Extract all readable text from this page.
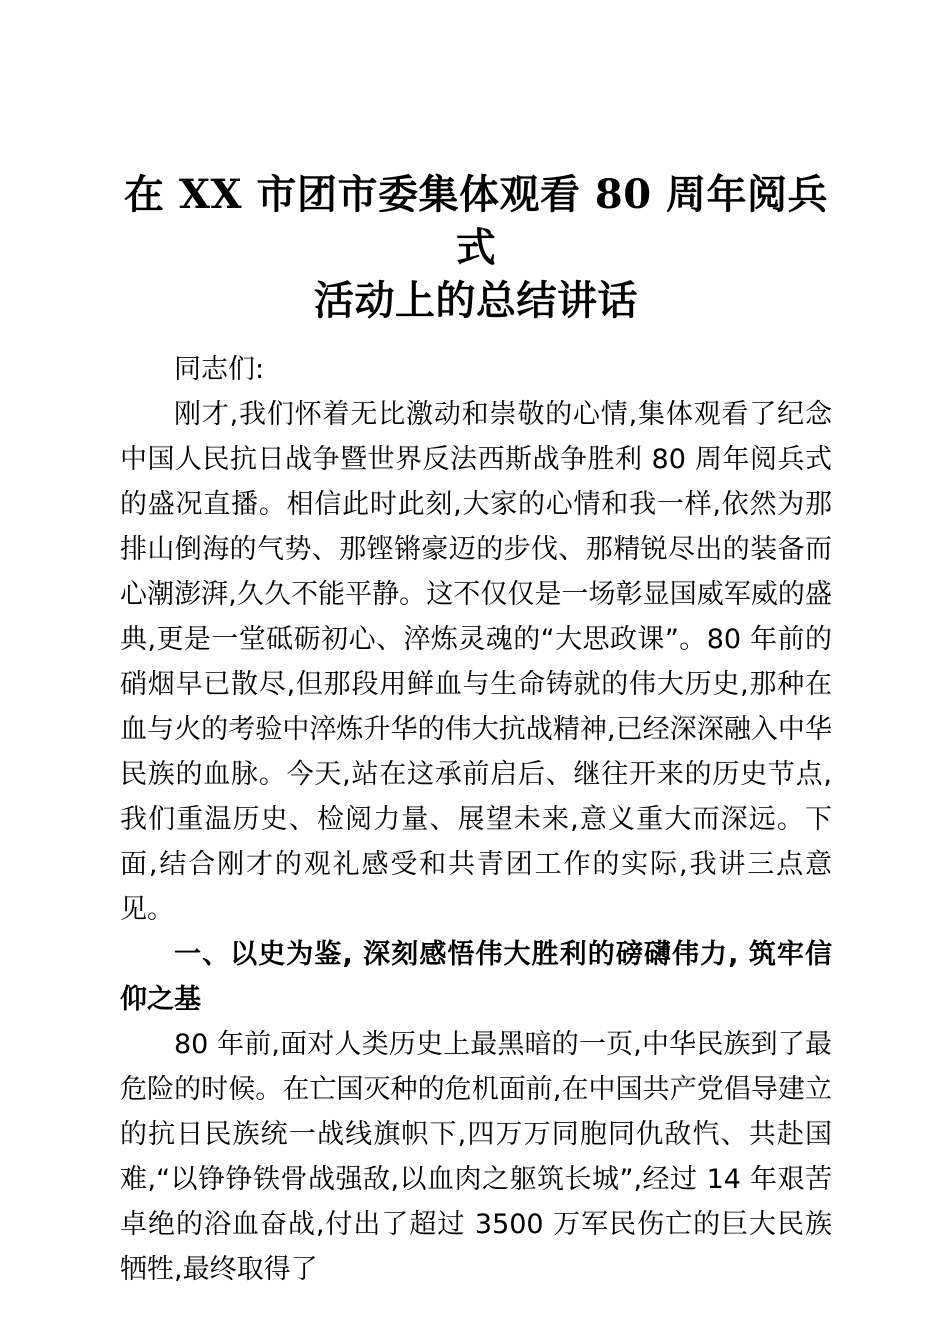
在 XX 市团市委集体观看 80 周年阅兵式
活动上的总结讲话

同志们:

刚才,我们怀着无比激动和崇敬的心情,集体观看了纪念中国人民抗日战争暨世界反法西斯战争胜利 80 周年阅兵式的盛况直播。相信此时此刻,大家的心情和我一样,依然为那排山倒海的气势、那铿锵豪迈的步伐、那精锐尽出的装备而心潮澎湃,久久不能平静。这不仅仅是一场彰显国威军威的盛典,更是一堂砥砺初心、淬炼灵魂的“大思政课”。80 年前的硝烟早已散尽,但那段用鲜血与生命铸就的伟大历史,那种在血与火的考验中淬炼升华的伟大抗战精神,已经深深融入中华民族的血脉。今天,站在这承前启后、继往开来的历史节点,我们重温历史、检阅力量、展望未来,意义重大而深远。下面,结合刚才的观礼感受和共青团工作的实际,我讲三点意见。

一、以史为鉴, 深刻感悟伟大胜利的磅礴伟力, 筑牢信仰之基

80 年前,面对人类历史上最黑暗的一页,中华民族到了最危险的时候。在亡国灭种的危机面前,在中国共产党倡导建立的抗日民族统一战线旗帜下,四万万同胞同仇敌忾、共赴国难,“以铮铮铁骨战强敌,以血肉之躯筑长城”,经过 14 年艰苦卓绝的浴血奋战,付出了超过 3500 万军民伤亡的巨大民族牺牲,最终取得了
